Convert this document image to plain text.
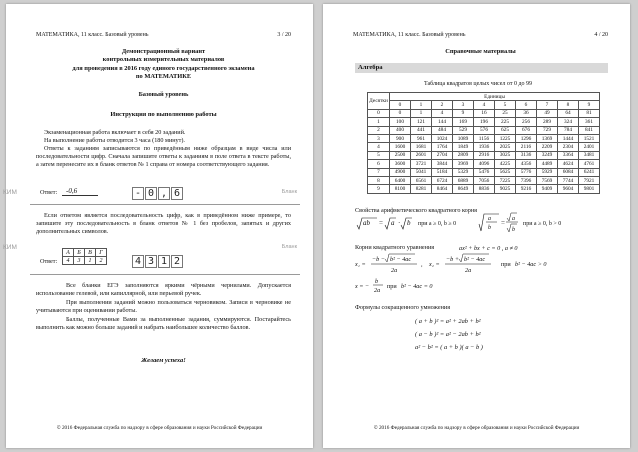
МАТЕМАТИКА, 11 класс. Базовый уровень	3 / 20
Демонстрационный вариант
контрольных измерительных материалов
для проведения в 2016 году единого государственного экзамена
по МАТЕМАТИКЕ
Базовый уровень
Инструкция по выполнению работы
Экзаменационная работа включает в себя 20 заданий.
На выполнение работы отводится 3 часа (180 минут).
Ответы к заданиям записываются по приведённым ниже образцам в виде числа или последовательности цифр. Сначала запишите ответы к заданиям в поле ответа в тексте работы, а затем перенесите их в бланк ответов № 1 справа от номера соответствующего задания.
КИМ	Ответ:	-0,6	- 0 , 6	Бланк
Если ответом является последовательность цифр, как в приведённом ниже примере, то запишите эту последовательность в бланк ответов № 1 без пробелов, запятых и других дополнительных символов.
КИМ
А	Б	В	Г
4	3	1	2
Ответ:	4 3 1 2
Бланк
Все бланки ЕГЭ заполняются яркими чёрными чернилами. Допускается использование гелевой, или капиллярной, или перьевой ручек.
При выполнении заданий можно пользоваться черновиком. Записи в черновике не учитываются при оценивании работы.
Баллы, полученные Вами за выполненные задания, суммируются. Постарайтесь выполнить как можно больше заданий и набрать наибольшее количество баллов.
Желаем успеха!
© 2016 Федеральная служба по надзору в сфере образования и науки Российской Федерации
МАТЕМАТИКА, 11 класс. Базовый уровень	4 / 20
Справочные материалы
Алгебра
Таблица квадратов целых чисел от 0 до 99
Десятки	Единицы									
	0	1	2	3	4	5	6	7	8	9
0	0	1	4	9	16	25	36	49	64	81
1	100	121	144	169	196	225	256	289	324	361
2	400	441	484	529	576	625	676	729	784	841
3	900	961	1024	1089	1156	1225	1296	1369	1444	1521
4	1600	1681	1764	1849	1936	2025	2116	2209	2304	2401
5	2500	2601	2704	2809	2916	3025	3136	3249	3364	3481
6	3600	3721	3844	3969	4096	4225	4356	4489	4624	4761
7	4900	5041	5184	5329	5476	5625	5776	5929	6084	6241
8	6400	6561	6724	6889	7056	7225	7396	7569	7744	7921
9	8100	8281	8464	8649	8836	9025	9216	9409	9604	9801
Свойства арифметического квадратного корня
ab = a · b при a ≥ 0, b ≥ 0
a
b
= a
b
при a ≥ 0, b > 0
Корни квадратного уравнения	ax² + bx + c = 0 , a ≠ 0
x₁ =
−b − b² − 4ac
2a
, x₂ =
−b + b² − 4ac
2a
при b² − 4ac > 0
x = −
b
2a
при b² − 4ac = 0
Формулы сокращенного умножения
( a + b )² = a² + 2ab + b²
( a − b )² = a² − 2ab + b²
a² − b² = ( a + b )( a − b )
© 2016 Федеральная служба по надзору в сфере образования и науки Российской Федерации
